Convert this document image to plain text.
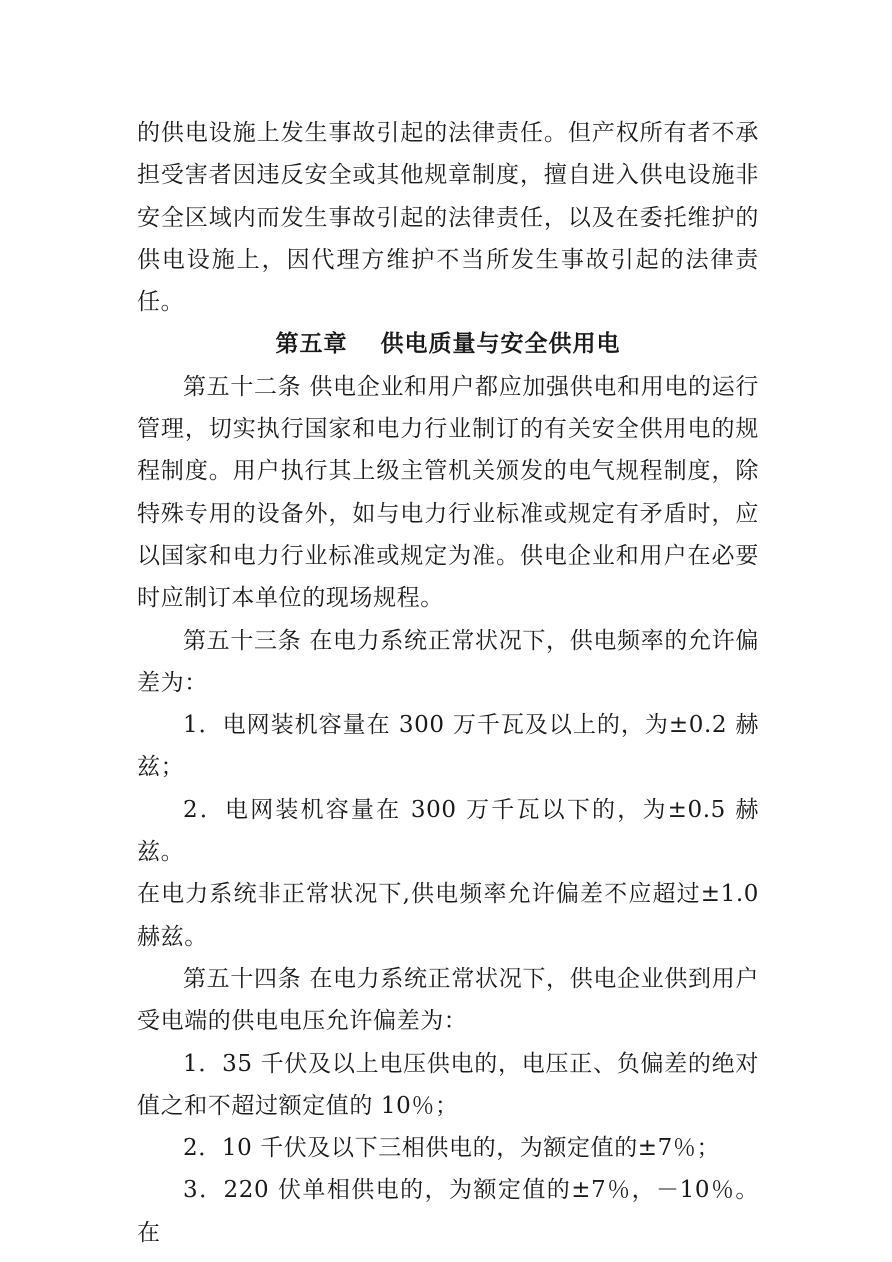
的供电设施上发生事故引起的法律责任。但产权所有者不承担受害者因违反安全或其他规章制度，擅自进入供电设施非安全区域内而发生事故引起的法律责任，以及在委托维护的供电设施上，因代理方维护不当所发生事故引起的法律责任。

第五章　 供电质量与安全供用电

第五十二条 供电企业和用户都应加强供电和用电的运行管理，切实执行国家和电力行业制订的有关安全供用电的规程制度。用户执行其上级主管机关颁发的电气规程制度，除特殊专用的设备外，如与电力行业标准或规定有矛盾时，应以国家和电力行业标准或规定为准。供电企业和用户在必要时应制订本单位的现场规程。

第五十三条 在电力系统正常状况下，供电频率的允许偏差为：

1．电网装机容量在 300 万千瓦及以上的，为±0.2 赫兹；

2．电网装机容量在 300 万千瓦以下的，为±0.5 赫兹。

在电力系统非正常状况下,供电频率允许偏差不应超过±1.0 赫兹。

第五十四条 在电力系统正常状况下，供电企业供到用户受电端的供电电压允许偏差为：

1．35 千伏及以上电压供电的，电压正、负偏差的绝对值之和不超过额定值的 10％；

2．10 千伏及以下三相供电的，为额定值的±7％；

3．220 伏单相供电的，为额定值的±7％，－10％。在
